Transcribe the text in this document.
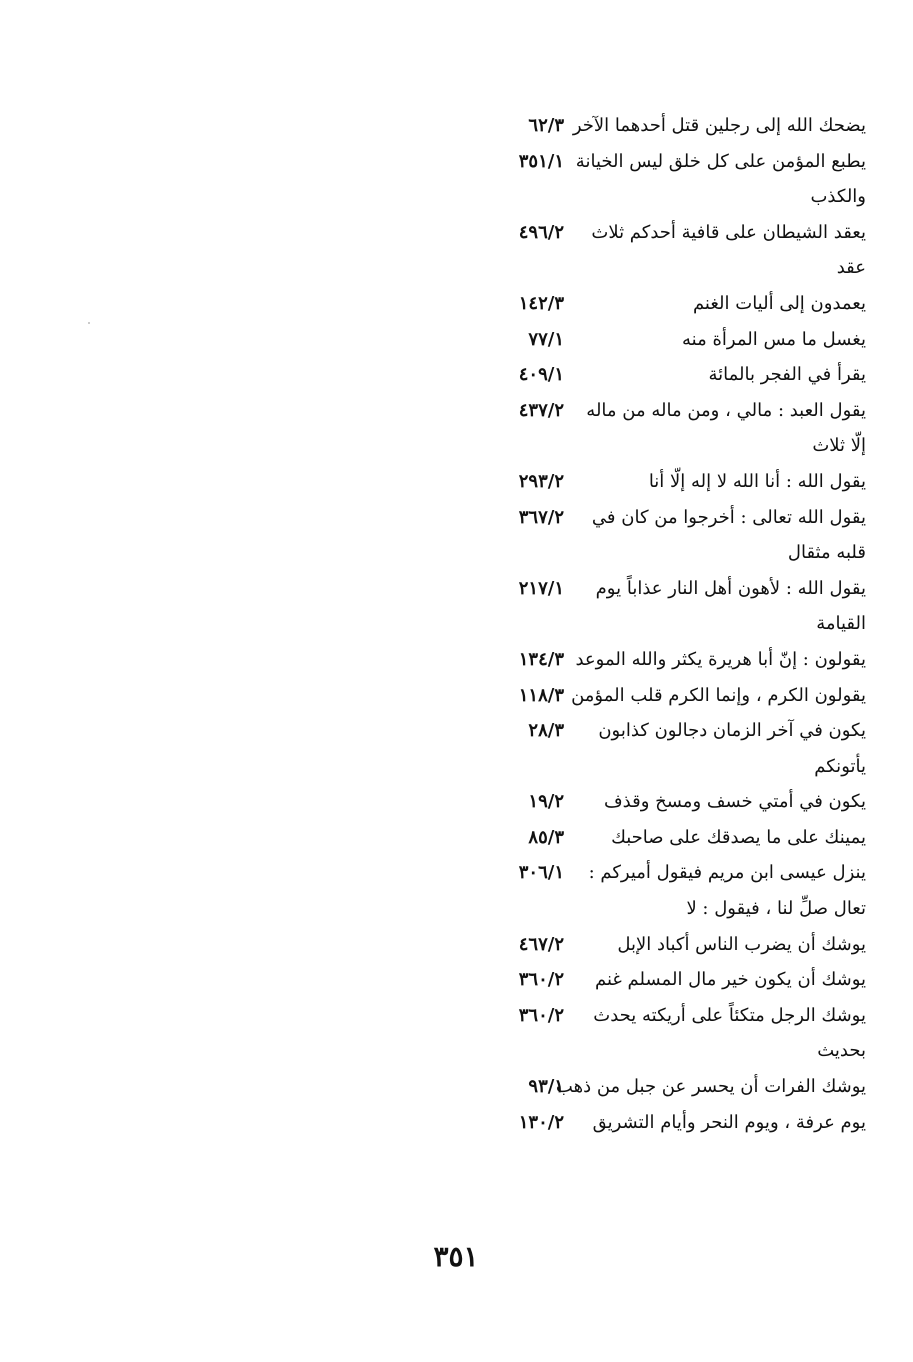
يضحك الله إلى رجلين قتل أحدهما الآخر
٦٢/٣
يطبع المؤمن على كل خلق ليس الخيانة
والكذب
٣٥١/١
يعقد الشيطان على قافية أحدكم ثلاث
عقد
٤٩٦/٢
يعمدون إلى أليات الغنم
١٤٢/٣
يغسل ما مس المرأة منه
٧٧/١
يقرأ في الفجر بالمائة
٤٠٩/١
يقول العبد : مالي ، ومن ماله من ماله
إلّا ثلاث
٤٣٧/٢
يقول الله : أنا الله لا إله إلّا أنا
٢٩٣/٢
يقول الله تعالى : أخرجوا من كان في
قلبه مثقال
٣٦٧/٢
يقول الله : لأهون أهل النار عذاباً يوم
القيامة
٢١٧/١
يقولون : إنّ أبا هريرة يكثر والله الموعد
١٣٤/٣
يقولون الكرم ، وإنما الكرم قلب المؤمن
١١٨/٣
يكون في آخر الزمان دجالون كذابون
يأتونكم
٢٨/٣
يكون في أمتي خسف ومسخ وقذف
١٩/٢
يمينك على ما يصدقك على صاحبك
٨٥/٣
ينزل عيسى ابن مريم فيقول أميركم :
تعال صلِّ لنا ، فيقول : لا
٣٠٦/١
يوشك أن يضرب الناس أكباد الإبل
٤٦٧/٢
يوشك أن يكون خير مال المسلم غنم
٣٦٠/٢
يوشك الرجل متكئاً على أريكته يحدث
بحديث
٣٦٠/٢
يوشك الفرات أن يحسر عن جبل من ذهب
٩٣/١
يوم عرفة ، ويوم النحر وأيام التشريق
١٣٠/٢
٣٥١
